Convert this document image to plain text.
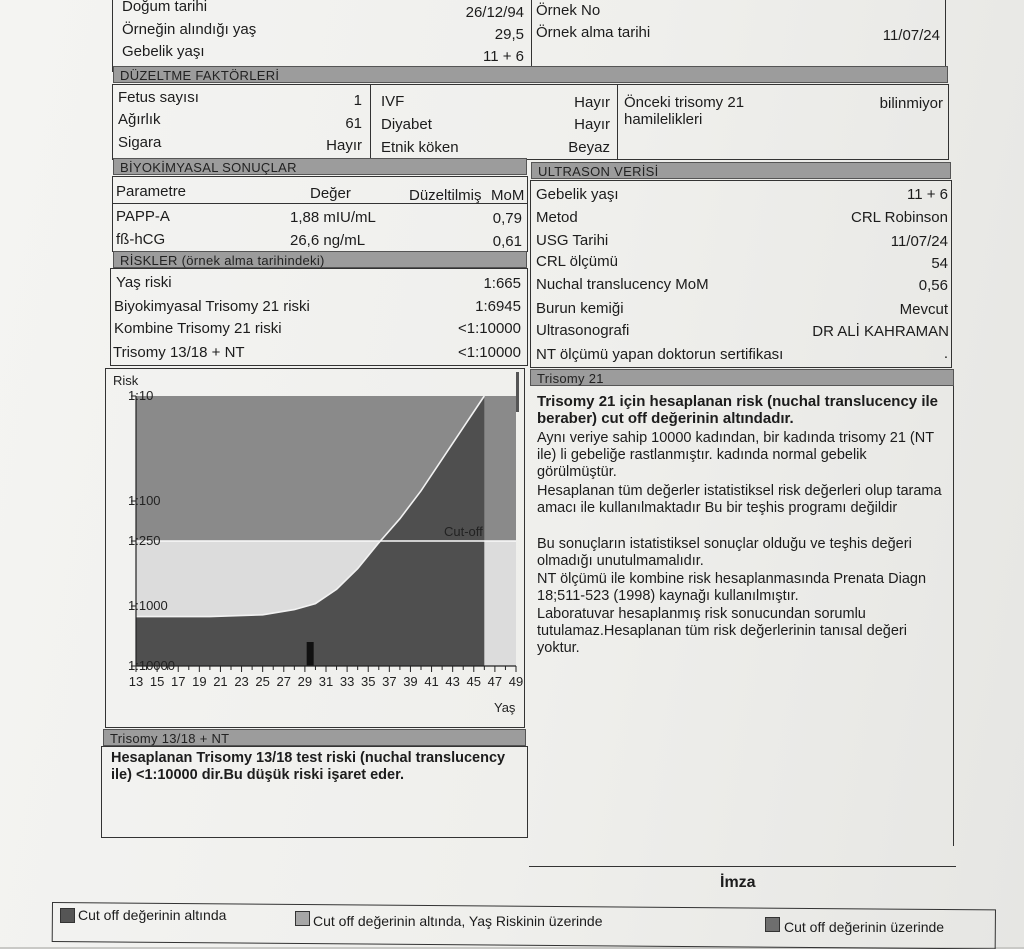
Doğum tarihi	26/12/94
Örneğin alındığı yaş	29,5
Gebelik yaşı	11 + 6
Örnek No
Örnek alma tarihi	11/07/24
DÜZELTME FAKTÖRLERİ
Fetus sayısı	1
Ağırlık	61
Sigara	Hayır
IVF	Hayır
Diyabet	Hayır
Etnik köken	Beyaz
Önceki trisomy 21
hamilelikleri
bilinmiyor
BİYOKİMYASAL SONUÇLAR
Parametre	Değer	Düzeltilmiş MoM
PAPP-A	1,88 mIU/mL	0,79
fß-hCG	26,6 ng/mL	0,61
RİSKLER (örnek alma tarihindeki)
Yaş riski	1:665
Biyokimyasal Trisomy 21 riski	1:6945
Kombine Trisomy 21 riski	<1:10000
Trisomy 13/18 + NT	<1:10000
ULTRASON VERİSİ
Gebelik yaşı	11 + 6
Metod	CRL Robinson
USG Tarihi	11/07/24
CRL ölçümü	54
Nuchal translucency MoM	0,56
Burun kemiği	Mevcut
Ultrasonografi	DR ALİ KAHRAMAN
NT ölçümü yapan doktorun sertifikası	.
Cut-off
1:10
1:100
1:250
1:1000
1:10000
Risk
13 15 17 19 21 23 25 27 29 31 33 35 37 39 41 43 45 47 49
Yaş
Trisomy 21
Trisomy 21 için hesaplanan risk (nuchal translucency ile beraber) cut off değerinin altındadır.
Aynı veriye sahip 10000 kadından, bir kadında trisomy 21 (NT ile) li gebeliğe rastlanmıştır. kadında normal gebelik görülmüştür.
Hesaplanan tüm değerler istatistiksel risk değerleri olup tarama amacı ile kullanılmaktadır Bu bir teşhis programı değildir
Bu sonuçların istatistiksel sonuçlar olduğu ve teşhis değeri olmadığı unutulmamalıdır.
NT ölçümü ile kombine risk hesaplanmasında Prenata Diagn 18;511-523 (1998) kaynağı kullanılmıştır.
Laboratuvar hesaplanmış risk sonucundan sorumlu tutulamaz.Hesaplanan tüm risk değerlerinin tanısal değeri yoktur.
Trisomy 13/18 + NT
Hesaplanan Trisomy 13/18 test riski (nuchal translucency ile) <1:10000 dir.Bu düşük riski işaret eder.
İmza
Cut off değerinin altında	Cut off değerinin altında, Yaş Riskinin üzerinde	Cut off değerinin üzerinde
